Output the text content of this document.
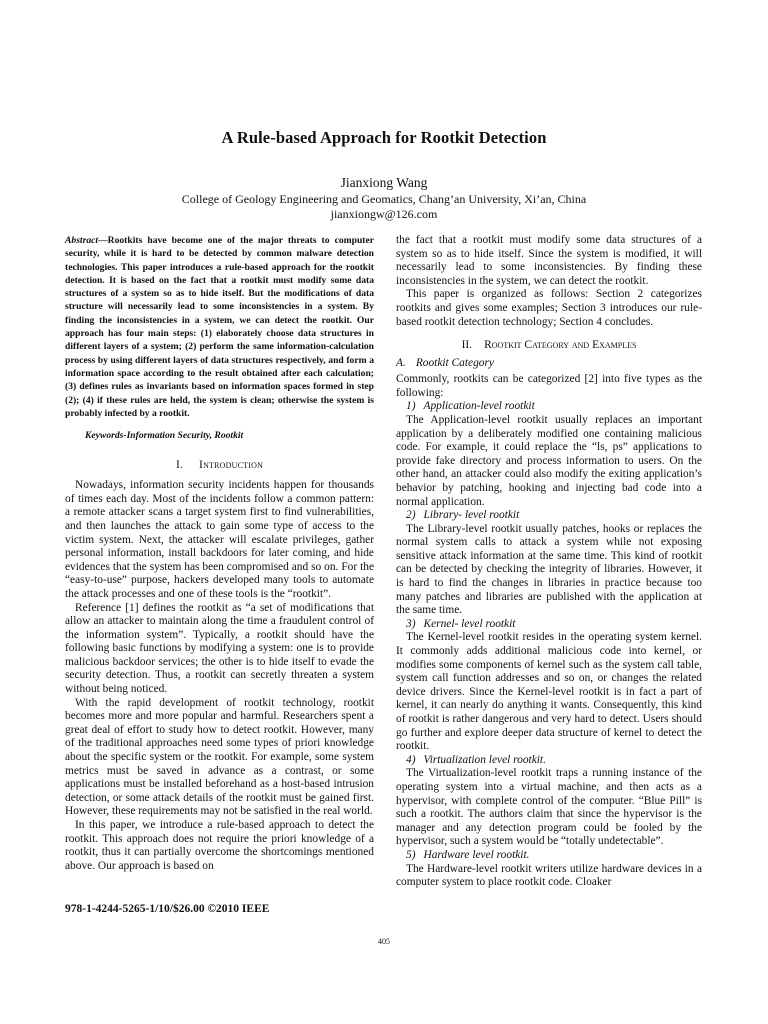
A Rule-based Approach for Rootkit Detection
Jianxiong Wang
College of Geology Engineering and Geomatics, Chang’an University, Xi’an, China
jianxiongw@126.com

Abstract—Rootkits have become one of the major threats to computer security, while it is hard to be detected by common malware detection technologies. This paper introduces a rule-based approach for the rootkit detection. It is based on the fact that a rootkit must modify some data structures of a system so as to hide itself. But the modifications of data structure will necessarily lead to some inconsistencies in a system. By finding the inconsistencies in a system, we can detect the rootkit. Our approach has four main steps: (1) elaborately choose data structures in different layers of a system; (2) perform the same information-calculation process by using different layers of data structures respectively, and form a information space according to the result obtained after each calculation; (3) defines rules as invariants based on information spaces formed in step (2); (4) if these rules are held, the system is clean; otherwise the system is probably infected by a rootkit.

Keywords-Information Security, Rootkit
I. Introduction

Nowadays, information security incidents happen for thousands of times each day. Most of the incidents follow a common pattern: a remote attacker scans a target system first to find vulnerabilities, and then launches the attack to gain some type of access to the victim system. Next, the attacker will escalate privileges, gather personal information, install backdoors for later coming, and hide evidences that the system has been compromised and so on. For the “easy-to-use” purpose, hackers developed many tools to automate the attack processes and one of these tools is the “rootkit”.

Reference [1] defines the rootkit as “a set of modifications that allow an attacker to maintain along the time a fraudulent control of the information system”. Typically, a rootkit should have the following basic functions by modifying a system: one is to provide malicious backdoor services; the other is to hide itself to evade the security detection. Thus, a rootkit can secretly threaten a system without being noticed.

With the rapid development of rootkit technology, rootkit becomes more and more popular and harmful. Researchers spent a great deal of effort to study how to detect rootkit. However, many of the traditional approaches need some types of priori knowledge about the specific system or the rootkit. For example, some system metrics must be saved in advance as a contrast, or some applications must be installed beforehand as a host-based intrusion detection, or some attack details of the rootkit must be gained first. However, these requirements may not be satisfied in the real world.

In this paper, we introduce a rule-based approach to detect the rootkit. This approach does not require the priori knowledge of a rootkit, thus it can partially overcome the shortcomings mentioned above. Our approach is based on

the fact that a rootkit must modify some data structures of a system so as to hide itself. Since the system is modified, it will necessarily lead to some inconsistencies. By finding these inconsistencies in the system, we can detect the rootkit.

This paper is organized as follows: Section 2 categorizes rootkits and gives some examples; Section 3 introduces our rule-based rootkit detection technology; Section 4 concludes.

II. Rootkit Category and Examples
A. Rootkit Category

Commonly, rootkits can be categorized [2] into five types as the following:

1) Application-level rootkit

The Application-level rootkit usually replaces an important application by a deliberately modified one containing malicious code. For example, it could replace the “ls, ps” applications to provide fake directory and process information to users. On the other hand, an attacker could also modify the exiting application’s behavior by patching, hooking and injecting bad code into a normal application.

2) Library- level rootkit

The Library-level rootkit usually patches, hooks or replaces the normal system calls to attack a system while not exposing sensitive attack information at the same time. This kind of rootkit can be detected by checking the integrity of libraries. However, it is hard to find the changes in libraries in practice because too many patches and libraries are published with the application at the same time.

3) Kernel- level rootkit

The Kernel-level rootkit resides in the operating system kernel. It commonly adds additional malicious code into kernel, or modifies some components of kernel such as the system call table, system call function addresses and so on, or changes the related device drivers. Since the Kernel-level rootkit is in fact a part of kernel, it can nearly do anything it wants. Consequently, this kind of rootkit is rather dangerous and very hard to detect. Users should go further and explore deeper data structure of kernel to detect the rootkit.

4) Virtualization level rootkit.

The Virtualization-level rootkit traps a running instance of the operating system into a virtual machine, and then acts as a hypervisor, with complete control of the computer. “Blue Pill” is such a rootkit. The authors claim that since the hypervisor is the manager and any detection program could be fooled by the hypervisor, such a system would be “totally undetectable”.

5) Hardware level rootkit.

The Hardware-level rootkit writers utilize hardware devices in a computer system to place rootkit code. Cloaker

978-1-4244-5265-1/10/$26.00 ©2010 IEEE
405
